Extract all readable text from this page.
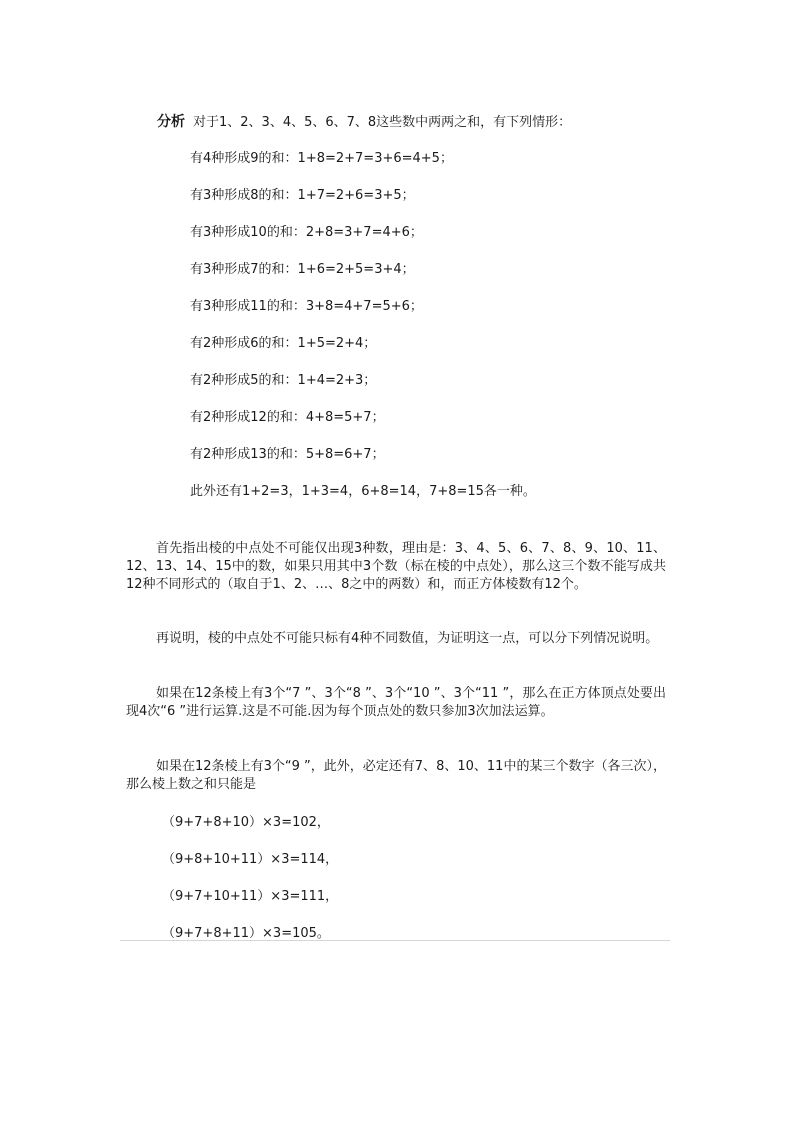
分析 对于1、2、3、4、5、6、7、8这些数中两两之和，有下列情形：
有4种形成9的和：1+8=2+7=3+6=4+5；
有3种形成8的和：1+7=2+6=3+5；
有3种形成10的和：2+8=3+7=4+6；
有3种形成7的和：1+6=2+5=3+4；
有3种形成11的和：3+8=4+7=5+6；
有2种形成6的和：1+5=2+4；
有2种形成5的和：1+4=2+3；
有2种形成12的和：4+8=5+7；
有2种形成13的和：5+8=6+7；
此外还有1+2=3，1+3=4，6+8=14，7+8=15各一种。
首先指出棱的中点处不可能仅出现3种数，理由是：3、4、5、6、7、8、9、10、11、12、13、14、15中的数，如果只用其中3个数（标在棱的中点处），那么这三个数不能写成共12种不同形式的（取自于1、2、…、8之中的两数）和，而正方体棱数有12个。
再说明，棱的中点处不可能只标有4种不同数值，为证明这一点，可以分下列情况说明。
如果在12条棱上有3个“7 ”、3个“8 ”、3个“10 ”、3个“11 ”，那么在正方体顶点处要出现4次“6 ”进行运算.这是不可能.因为每个顶点处的数只参加3次加法运算。
如果在12条棱上有3个“9 ”，此外，必定还有7、8、10、11中的某三个数字（各三次），那么棱上数之和只能是
（9+7+8+10）×3=102，
（9+8+10+11）×3=114，
（9+7+10+11）×3=111，
（9+7+8+11）×3=105。
